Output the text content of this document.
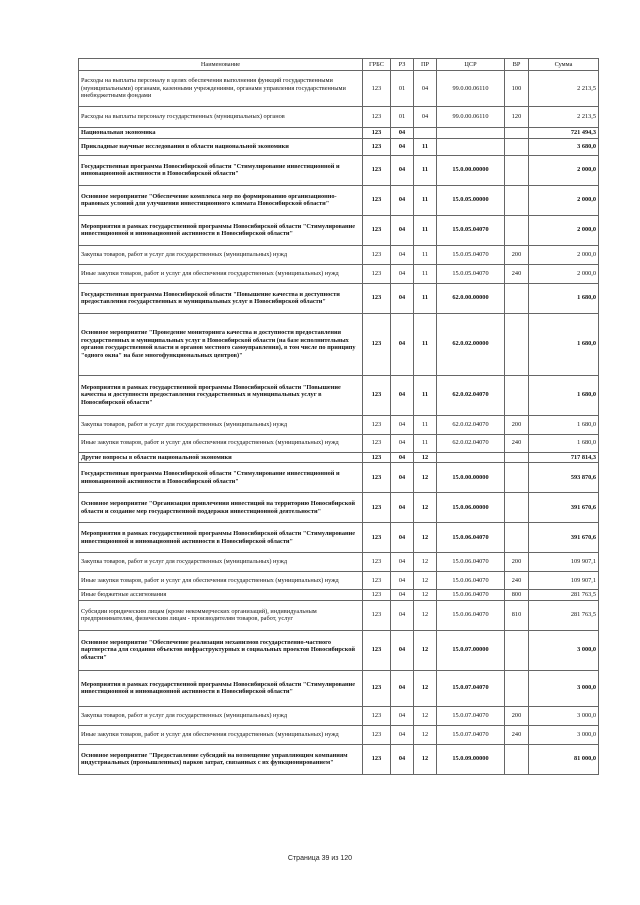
Наименование	ГРБС	РЗ	ПР	ЦСР	ВР	Сумма
Расходы на выплаты персоналу в целях обеспечения выполнения функций государственными (муниципальными) органами, казенными учреждениями, органами управления государственными внебюджетными фондами	123	01	04	99.0.00.06110	100	2 213,5
Расходы на выплаты персоналу государственных (муниципальных) органов	123	01	04	99.0.00.06110	120	2 213,5
Национальная экономика	123	04				721 494,3
Прикладные научные исследования в области национальной экономики	123	04	11			3 680,0
Государственная программа Новосибирской области "Стимулирование инвестиционной и инновационной активности в Новосибирской области"	123	04	11	15.0.00.00000		2 000,0
Основное мероприятие "Обеспечение комплекса мер по формированию организационно-правовых условий для улучшения инвестиционного климата Новосибирской области"	123	04	11	15.0.05.00000		2 000,0
Мероприятия в рамках государственной программы Новосибирской области "Стимулирование инвестиционной и инновационной активности в Новосибирской области"	123	04	11	15.0.05.04070		2 000,0
Закупка товаров, работ и услуг для государственных (муниципальных) нужд	123	04	11	15.0.05.04070	200	2 000,0
Иные закупки товаров, работ и услуг для обеспечения государственных (муниципальных) нужд	123	04	11	15.0.05.04070	240	2 000,0
Государственная программа Новосибирской области "Повышение качества и доступности предоставления государственных и муниципальных услуг в Новосибирской области"	123	04	11	62.0.00.00000		1 680,0
Основное мероприятие "Проведение мониторинга качества и доступности предоставления государственных и муниципальных услуг в Новосибирской области (на базе исполнительных органов государственной власти и органов местного самоуправления), в том числе по принципу "одного окна" на базе многофункциональных центров)"	123	04	11	62.0.02.00000		1 680,0
Мероприятия в рамках государственной программы Новосибирской области "Повышение качества и доступности предоставления государственных и муниципальных услуг в Новосибирской области"	123	04	11	62.0.02.04070		1 680,0
Закупка товаров, работ и услуг для государственных (муниципальных) нужд	123	04	11	62.0.02.04070	200	1 680,0
Иные закупки товаров, работ и услуг для обеспечения государственных (муниципальных) нужд	123	04	11	62.0.02.04070	240	1 680,0
Другие вопросы в области национальной экономики	123	04	12			717 814,3
Государственная программа Новосибирской области "Стимулирование инвестиционной и инновационной активности в Новосибирской области"	123	04	12	15.0.00.00000		593 870,6
Основное мероприятие "Организация привлечения инвестиций на территорию Новосибирской области и создание мер государственной поддержки инвестиционной деятельности"	123	04	12	15.0.06.00000		391 670,6
Мероприятия в рамках государственной программы Новосибирской области "Стимулирование инвестиционной и инновационной активности в Новосибирской области"	123	04	12	15.0.06.04070		391 670,6
Закупка товаров, работ и услуг для государственных (муниципальных) нужд	123	04	12	15.0.06.04070	200	109 907,1
Иные закупки товаров, работ и услуг для обеспечения государственных (муниципальных) нужд	123	04	12	15.0.06.04070	240	109 907,1
Иные бюджетные ассигнования	123	04	12	15.0.06.04070	800	281 763,5
Субсидии юридическим лицам (кроме некоммерческих организаций), индивидуальным предпринимателям, физическим лицам - производителям товаров, работ, услуг	123	04	12	15.0.06.04070	810	281 763,5
Основное мероприятие "Обеспечение реализации механизмов государственно-частного партнерства для создания объектов инфраструктурных и социальных проектов Новосибирской области"	123	04	12	15.0.07.00000		3 000,0
Мероприятия в рамках государственной программы Новосибирской области "Стимулирование инвестиционной и инновационной активности в Новосибирской области"	123	04	12	15.0.07.04070		3 000,0
Закупка товаров, работ и услуг для государственных (муниципальных) нужд	123	04	12	15.0.07.04070	200	3 000,0
Иные закупки товаров, работ и услуг для обеспечения государственных (муниципальных) нужд	123	04	12	15.0.07.04070	240	3 000,0
Основное мероприятие "Предоставление субсидий на возмещение управляющим компаниям индустриальных (промышленных) парков затрат, связанных с их функционированием"	123	04	12	15.0.09.00000		81 000,0
Страница 39 из 120
